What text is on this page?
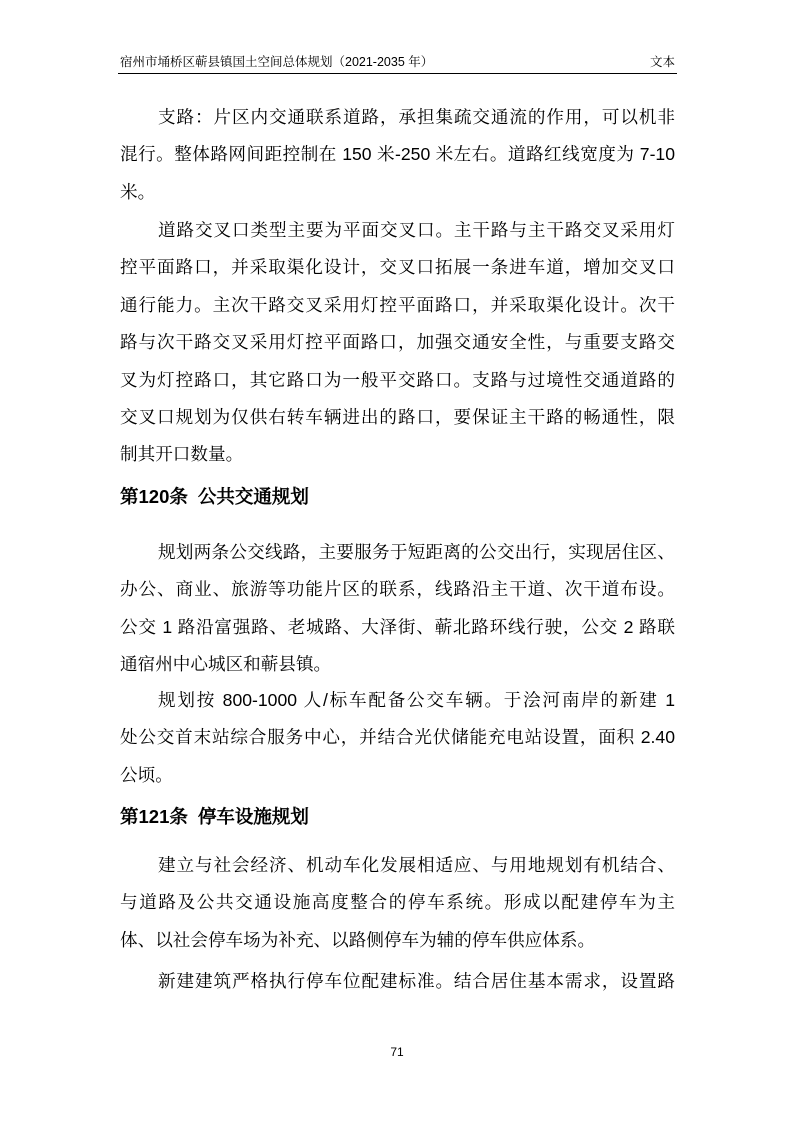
宿州市埇桥区蕲县镇国土空间总体规划（2021-2035 年）	文本
支路：片区内交通联系道路，承担集疏交通流的作用，可以机非
混行。整体路网间距控制在 150 米-250 米左右。道路红线宽度为 7-10
米。
道路交叉口类型主要为平面交叉口。主干路与主干路交叉采用灯
控平面路口，并采取渠化设计，交叉口拓展一条进车道，增加交叉口
通行能力。主次干路交叉采用灯控平面路口，并采取渠化设计。次干
路与次干路交叉采用灯控平面路口，加强交通安全性，与重要支路交
叉为灯控路口，其它路口为一般平交路口。支路与过境性交通道路的
交叉口规划为仅供右转车辆进出的路口，要保证主干路的畅通性，限
制其开口数量。
第120条 公共交通规划
规划两条公交线路，主要服务于短距离的公交出行，实现居住区、
办公、商业、旅游等功能片区的联系，线路沿主干道、次干道布设。
公交 1 路沿富强路、老城路、大泽街、蕲北路环线行驶，公交 2 路联
通宿州中心城区和蕲县镇。
规划按 800-1000 人/标车配备公交车辆。于浍河南岸的新建 1
处公交首末站综合服务中心，并结合光伏储能充电站设置，面积 2.40
公顷。
第121条 停车设施规划
建立与社会经济、机动车化发展相适应、与用地规划有机结合、
与道路及公共交通设施高度整合的停车系统。形成以配建停车为主
体、以社会停车场为补充、以路侧停车为辅的停车供应体系。
新建建筑严格执行停车位配建标准。结合居住基本需求，设置路
71
